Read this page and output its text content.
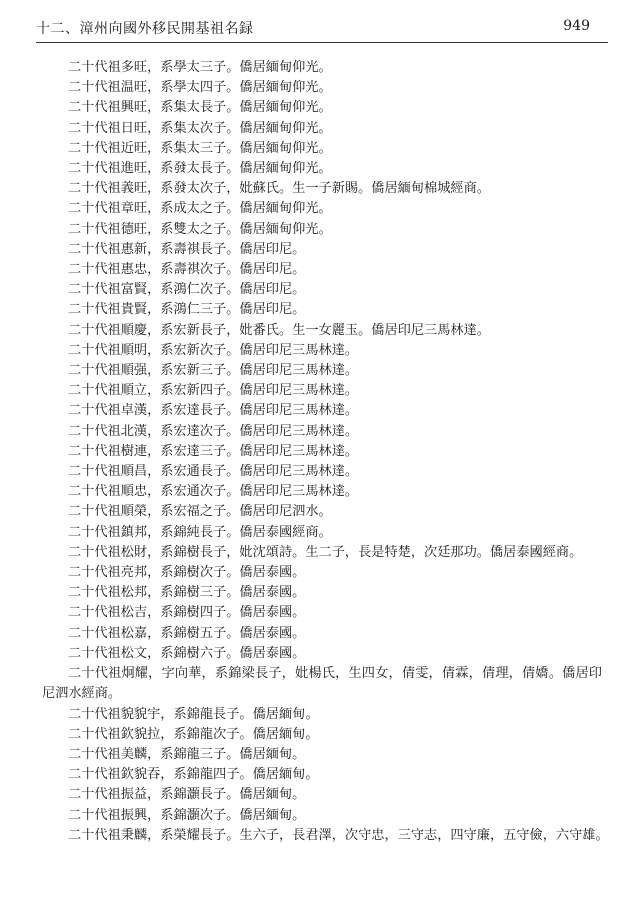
十二、漳州向國外移民開基祖名録	949

二十代祖多旺，系學太三子。僑居緬甸仰光。

二十代祖温旺，系學太四子。僑居緬甸仰光。

二十代祖興旺，系集太長子。僑居緬甸仰光。

二十代祖日旺，系集太次子。僑居緬甸仰光。

二十代祖近旺，系集太三子。僑居緬甸仰光。

二十代祖進旺，系發太長子。僑居緬甸仰光。

二十代祖義旺，系發太次子，妣蘇氏。生一子新賜。僑居緬甸棉城經商。

二十代祖章旺，系成太之子。僑居緬甸仰光。

二十代祖德旺，系雙太之子。僑居緬甸仰光。

二十代祖惠新，系壽祺長子。僑居印尼。

二十代祖惠忠，系壽祺次子。僑居印尼。

二十代祖富賢，系鴻仁次子。僑居印尼。

二十代祖貴賢，系鴻仁三子。僑居印尼。

二十代祖順慶，系宏新長子，妣番氏。生一女麗玉。僑居印尼三馬林達。

二十代祖順明，系宏新次子。僑居印尼三馬林達。

二十代祖順强，系宏新三子。僑居印尼三馬林達。

二十代祖順立，系宏新四子。僑居印尼三馬林達。

二十代祖卓漢，系宏達長子。僑居印尼三馬林達。

二十代祖北漢，系宏達次子。僑居印尼三馬林達。

二十代祖樹連，系宏達三子。僑居印尼三馬林達。

二十代祖順昌，系宏通長子。僑居印尼三馬林達。

二十代祖順忠，系宏通次子。僑居印尼三馬林達。

二十代祖順榮，系宏福之子。僑居印尼泗水。

二十代祖鎮邦，系錦純長子。僑居泰國經商。

二十代祖松財，系錦樹長子，妣沈頌詩。生二子，長是特楚，次廷那功。僑居泰國經商。

二十代祖亮邦，系錦樹次子。僑居泰國。

二十代祖松邦，系錦樹三子。僑居泰國。

二十代祖松吉，系錦樹四子。僑居泰國。

二十代祖松嘉，系錦樹五子。僑居泰國。

二十代祖松文，系錦樹六子。僑居泰國。

二十代祖炯耀，字向華，系錦梁長子，妣楊氏，生四女，倩雯，倩霖，倩理，倩嬌。僑居印尼泗水經商。

二十代祖貌貌宇，系錦龍長子。僑居緬甸。

二十代祖欽貌拉，系錦龍次子。僑居緬甸。

二十代祖美麟，系錦龍三子。僑居緬甸。

二十代祖欽貌吞，系錦龍四子。僑居緬甸。

二十代祖振益，系錦灝長子。僑居緬甸。

二十代祖振興，系錦灝次子。僑居緬甸。

二十代祖秉麟，系榮耀長子。生六子，長君澤，次守忠，三守志，四守廉，五守儉，六守雄。
